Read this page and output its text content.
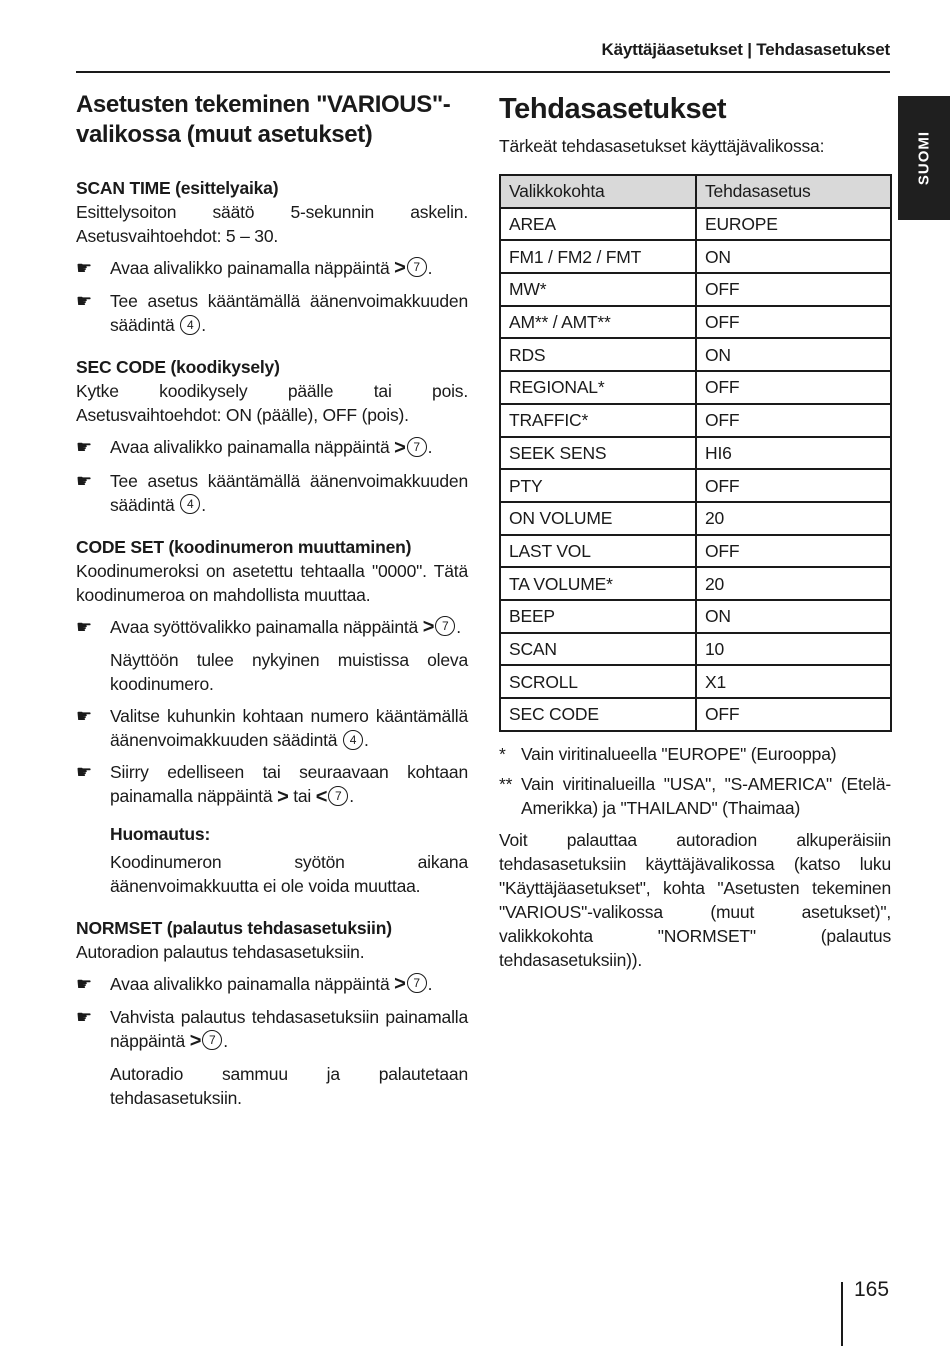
Käyttäjäasetukset | Tehdasasetukset
SUOMI
Asetusten tekeminen "VARIOUS"-valikossa (muut asetukset)

SCAN TIME (esittelyaika)

Esittelysoiton säätö 5-sekunnin askelin. Asetusvaihtoehdot: 5 – 30.

☛	Avaa alivalikko painamalla näppäintä > 7 .
☛	Tee asetus kääntämällä äänenvoimakkuuden säädintä 4 .

SEC CODE (koodikysely)

Kytke koodikysely päälle tai pois. Asetusvaihtoehdot: ON (päälle), OFF (pois).

☛	Avaa alivalikko painamalla näppäintä > 7 .
☛	Tee asetus kääntämällä äänenvoimakkuuden säädintä 4 .

CODE SET (koodinumeron muuttaminen)

Koodinumeroksi on asetettu tehtaalla "0000". Tätä koodinumeroa on mahdollista muuttaa.

☛	Avaa syöttövalikko painamalla näppäintä > 7 .

Näyttöön tulee nykyinen muistissa oleva koodinumero.

☛	Valitse kuhunkin kohtaan numero kääntämällä äänenvoimakkuuden säädintä 4 .
☛	Siirry edelliseen tai seuraavaan kohtaan painamalla näppäintä > tai < 7 .

Huomautus:

Koodinumeron syötön aikana äänenvoimakkuutta ei ole voida muuttaa.

NORMSET (palautus tehdasasetuksiin)

Autoradion palautus tehdasasetuksiin.

☛	Avaa alivalikko painamalla näppäintä > 7 .
☛	Vahvista palautus tehdasasetuksiin painamalla näppäintä > 7 .

Autoradio sammuu ja palautetaan tehdasasetuksiin.

Tehdasasetukset

Tärkeät tehdasasetukset käyttäjävalikossa:

Valikkokohta	Tehdasasetus
AREA	EUROPE
FM1 / FM2 / FMT	ON
MW*	OFF
AM** / AMT**	OFF
RDS	ON
REGIONAL*	OFF
TRAFFIC*	OFF
SEEK SENS	HI6
PTY	OFF
ON VOLUME	20
LAST VOL	OFF
TA VOLUME*	20
BEEP	ON
SCAN	10
SCROLL	X1
SEC CODE	OFF
* Vain viritinalueella "EUROPE" (Eurooppa)
** Vain viritinalueilla "USA", "S-AMERICA" (Etelä-Amerikka) ja "THAILAND" (Thaimaa)

Voit palauttaa autoradion alkuperäisiin tehdasasetuksiin käyttäjävalikossa (katso luku "Käyttäjäasetukset", kohta "Asetusten tekeminen "VARIOUS"-valikossa (muut asetukset)", valikkokohta "NORMSET" (palautus tehdasasetuksiin)).

165
